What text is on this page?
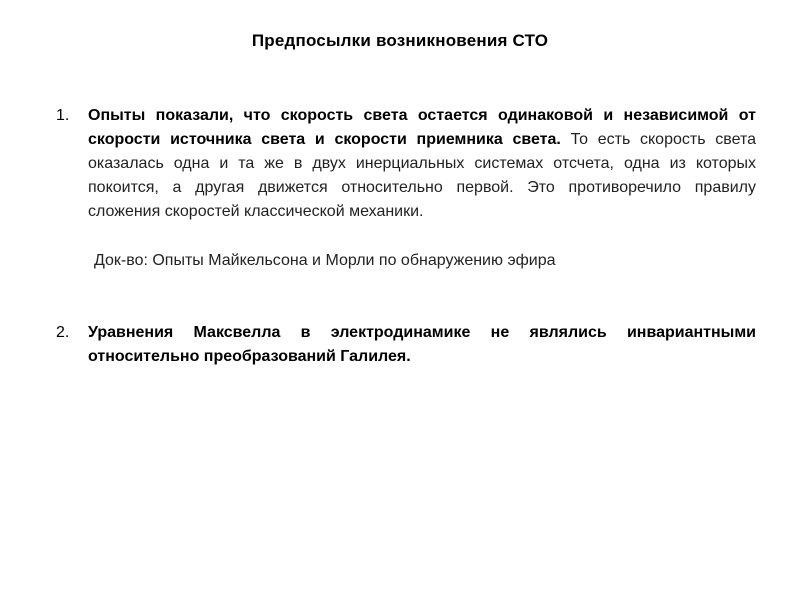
Предпосылки возникновения СТО
1. Опыты показали, что скорость света остается одинаковой и независимой от скорости источника света и скорости приемника света. То есть скорость света оказалась одна и та же в двух инерциальных системах отсчета, одна из которых покоится, а другая движется относительно первой. Это противоречило правилу сложения скоростей классической механики.
Док-во: Опыты Майкельсона и Морли по обнаружению эфира
2. Уравнения Максвелла в электродинамике не являлись инвариантными относительно преобразований Галилея.
